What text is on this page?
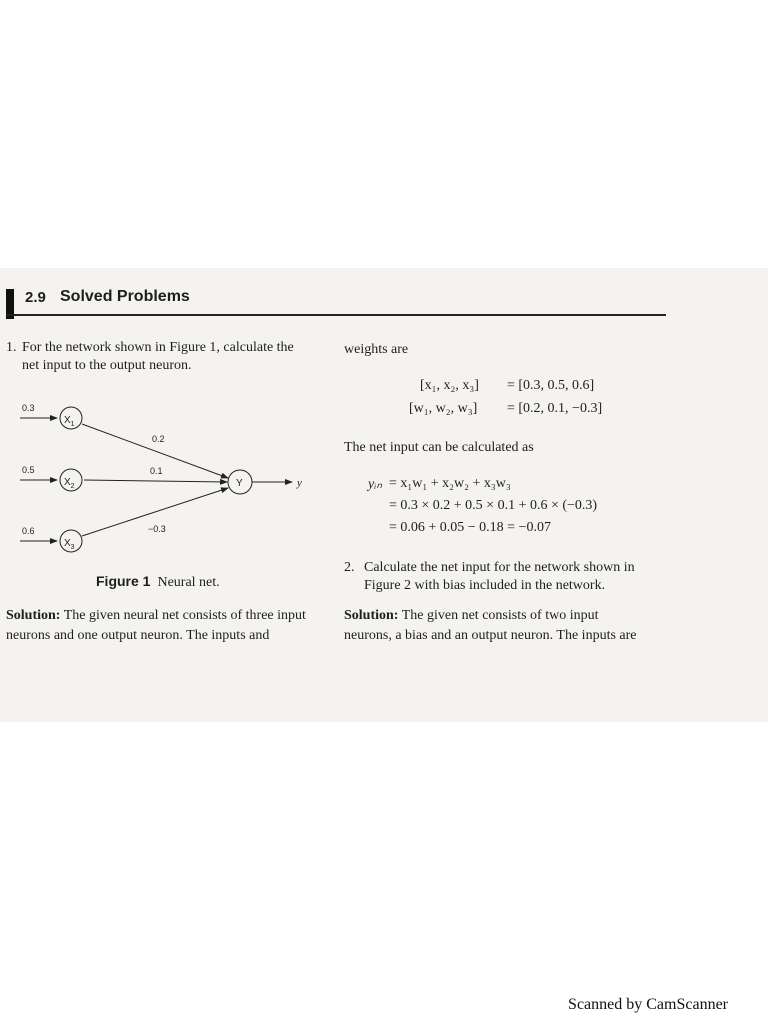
2.9 Solved Problems
1. For the network shown in Figure 1, calculate the
net input to the output neuron.
y
$X_1$
$X_2$
$X_3$
Y
0.3
0.5
0.6
0.2
0.1
−0.3
Figure 1 Neural net.
Solution: The given neural net consists of three input
neurons and one output neuron. The inputs and
weights are
[x₁, x₂, x₃] = [0.3, 0.5, 0.6]
[w₁, w₂, w₃] = [0.2, 0.1, −0.3]
The net input can be calculated as
yᵢₙ = x₁w₁ + x₂w₂ + x₃w₃
= 0.3 × 0.2 + 0.5 × 0.1 + 0.6 × (−0.3)
= 0.06 + 0.05 − 0.18 = −0.07
2. Calculate the net input for the network shown in
Figure 2 with bias included in the network.
Solution: The given net consists of two input
neurons, a bias and an output neuron. The inputs are
Scanned by CamScanner
